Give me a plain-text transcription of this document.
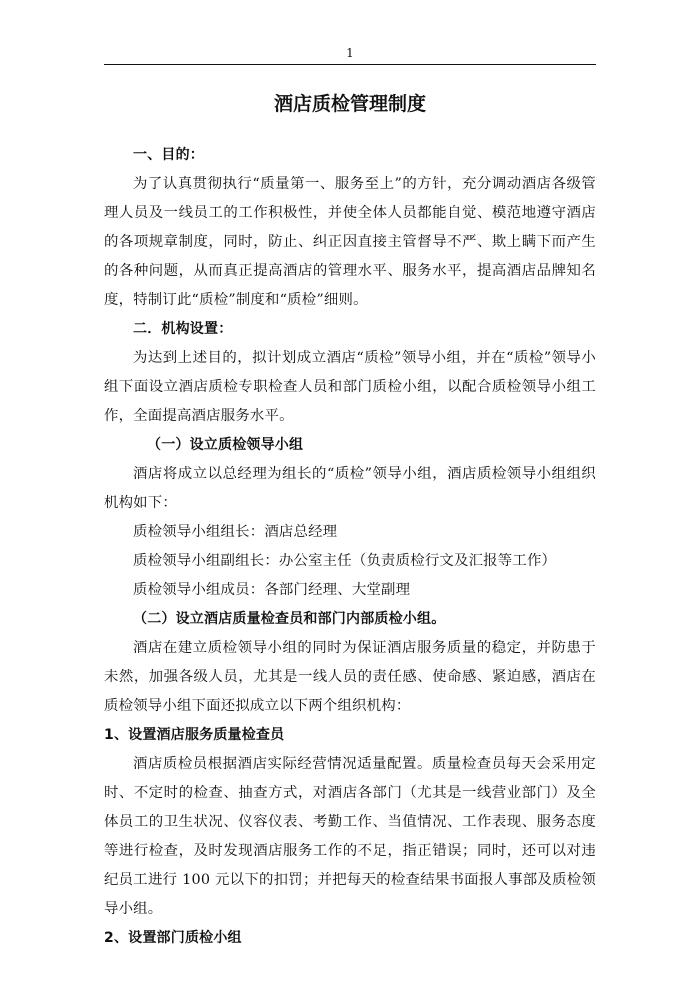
1
酒店质检管理制度

一、目的：

为了认真贯彻执行“质量第一、服务至上”的方针，充分调动酒店各级管理人员及一线员工的工作积极性，并使全体人员都能自觉、模范地遵守酒店的各项规章制度，同时，防止、纠正因直接主管督导不严、欺上瞒下而产生的各种问题，从而真正提高酒店的管理水平、服务水平，提高酒店品牌知名度，特制订此“质检”制度和“质检”细则。

二．机构设置：

为达到上述目的，拟计划成立酒店“质检”领导小组，并在“质检”领导小组下面设立酒店质检专职检查人员和部门质检小组，以配合质检领导小组工作，全面提高酒店服务水平。

（一）设立质检领导小组

酒店将成立以总经理为组长的“质检”领导小组，酒店质检领导小组组织机构如下：

质检领导小组组长：酒店总经理

质检领导小组副组长：办公室主任（负责质检行文及汇报等工作）

质检领导小组成员：各部门经理、大堂副理

（二）设立酒店质量检查员和部门内部质检小组。

酒店在建立质检领导小组的同时为保证酒店服务质量的稳定，并防患于未然，加强各级人员，尤其是一线人员的责任感、使命感、紧迫感，酒店在质检领导小组下面还拟成立以下两个组织机构：

1、设置酒店服务质量检查员

酒店质检员根据酒店实际经营情况适量配置。质量检查员每天会采用定时、不定时的检查、抽查方式，对酒店各部门（尤其是一线营业部门）及全体员工的卫生状况、仪容仪表、考勤工作、当值情况、工作表现、服务态度等进行检查，及时发现酒店服务工作的不足，指正错误；同时，还可以对违纪员工进行 100 元以下的扣罚；并把每天的检查结果书面报人事部及质检领导小组。

2、设置部门质检小组
